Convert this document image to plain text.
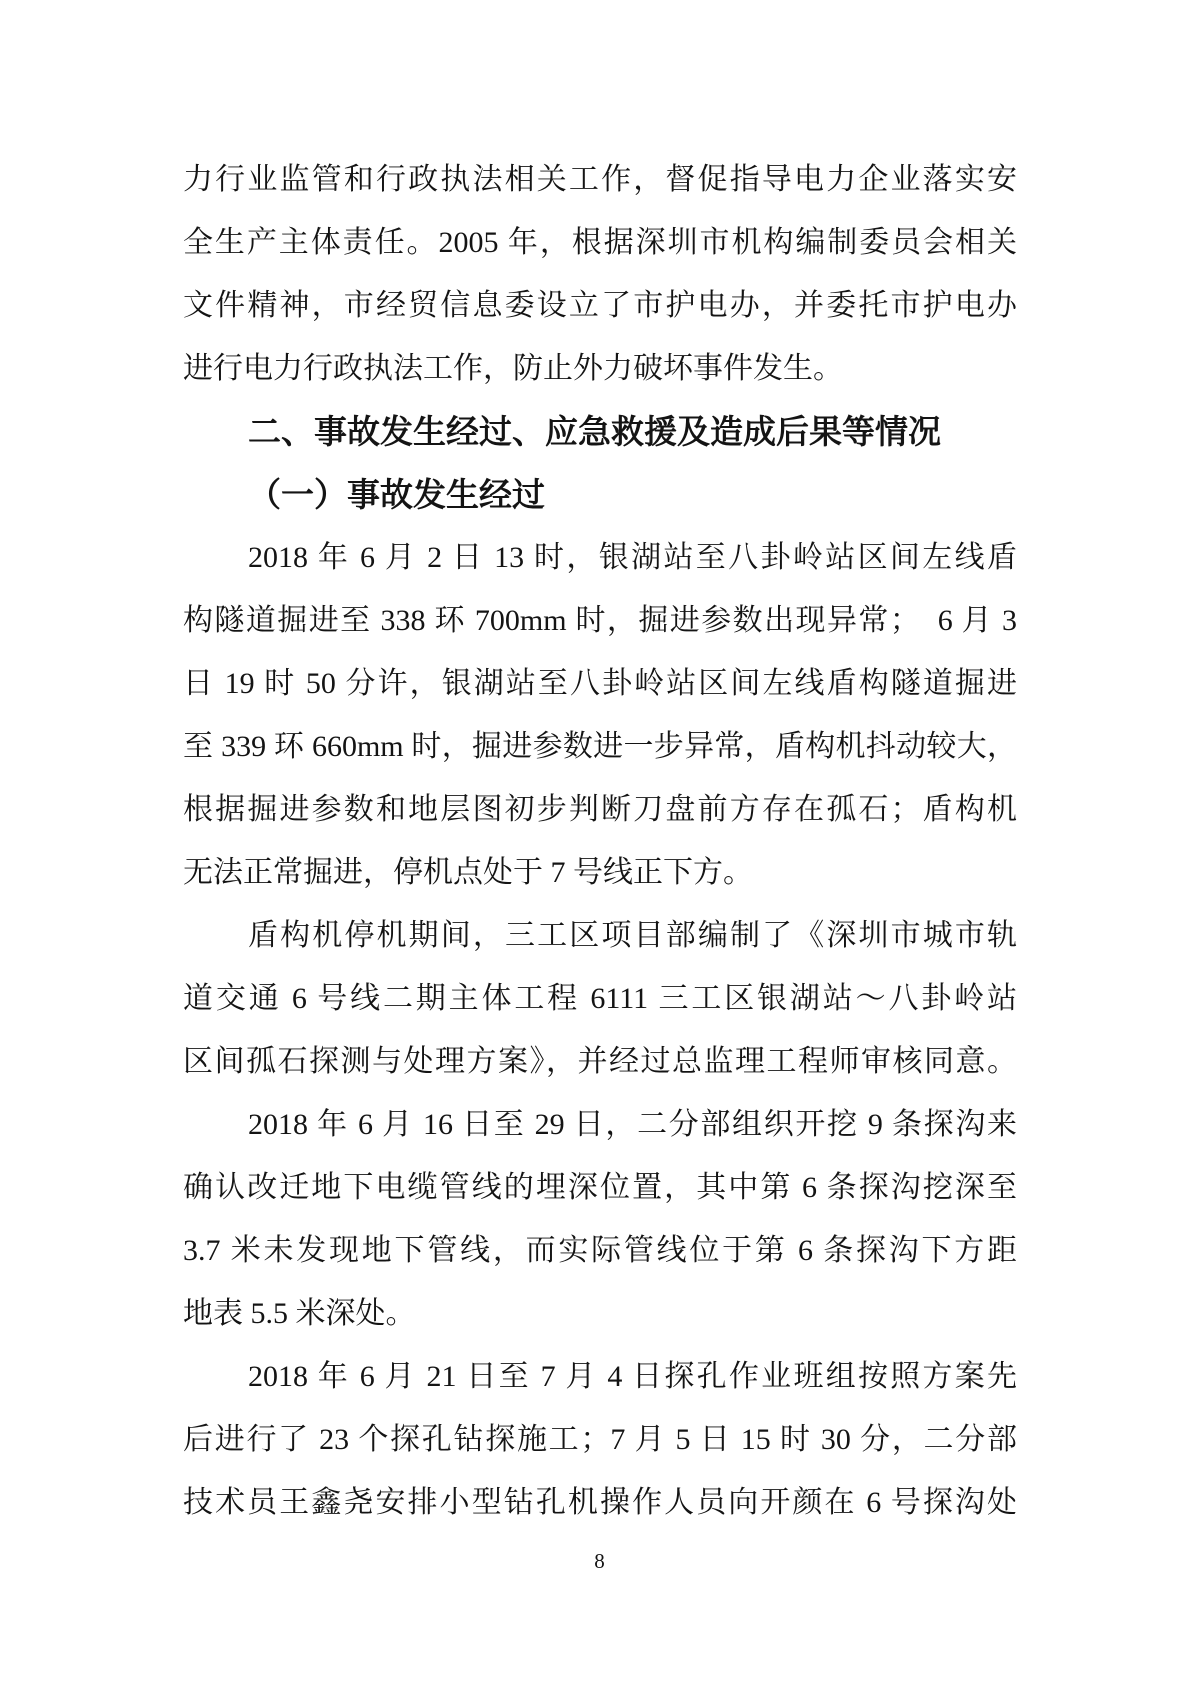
力行业监管和行政执法相关工作，督促指导电力企业落实安
全生产主体责任。2005 年，根据深圳市机构编制委员会相关
文件精神，市经贸信息委设立了市护电办，并委托市护电办
进行电力行政执法工作，防止外力破坏事件发生。
二、事故发生经过、应急救援及造成后果等情况
（一）事故发生经过
2018 年 6 月 2 日 13 时，银湖站至八卦岭站区间左线盾
构隧道掘进至 338 环 700mm 时，掘进参数出现异常；　6 月 3
日 19 时 50 分许，银湖站至八卦岭站区间左线盾构隧道掘进
至 339 环 660mm 时，掘进参数进一步异常，盾构机抖动较大，
根据掘进参数和地层图初步判断刀盘前方存在孤石；盾构机
无法正常掘进，停机点处于 7 号线正下方。
盾构机停机期间，三工区项目部编制了《深圳市城市轨
道交通 6 号线二期主体工程 6111 三工区银湖站～八卦岭站
区间孤石探测与处理方案》，并经过总监理工程师审核同意。
2018 年 6 月 16 日至 29 日，二分部组织开挖 9 条探沟来
确认改迁地下电缆管线的埋深位置，其中第 6 条探沟挖深至
3.7 米未发现地下管线，而实际管线位于第 6 条探沟下方距
地表 5.5 米深处。
2018 年 6 月 21 日至 7 月 4 日探孔作业班组按照方案先
后进行了 23 个探孔钻探施工；7 月 5 日 15 时 30 分，二分部
技术员王鑫尧安排小型钻孔机操作人员向开颜在 6 号探沟处
8
